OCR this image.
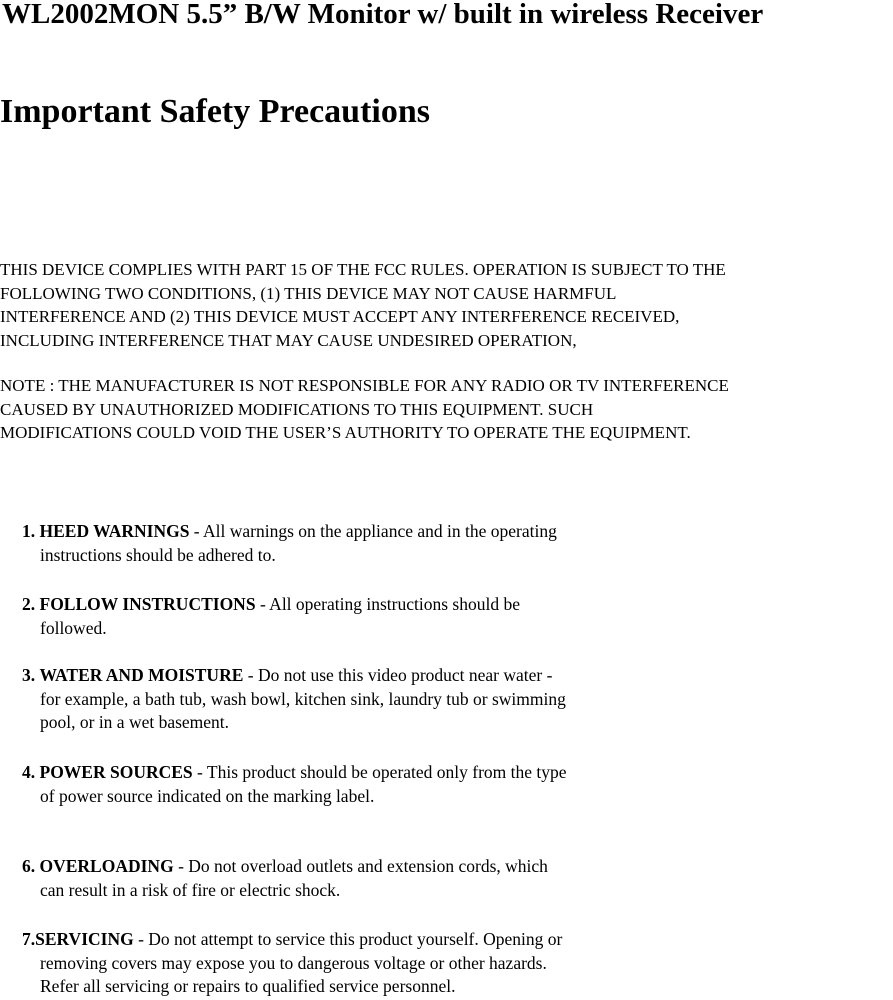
WL2002MON 5.5” B/W Monitor w/ built in wireless Receiver
Important Safety Precautions

THIS DEVICE COMPLIES WITH PART 15 OF THE FCC RULES. OPERATION IS SUBJECT TO THE
FOLLOWING TWO CONDITIONS, (1) THIS DEVICE MAY NOT CAUSE HARMFUL
INTERFERENCE AND (2) THIS DEVICE MUST ACCEPT ANY INTERFERENCE RECEIVED,
INCLUDING INTERFERENCE THAT MAY CAUSE UNDESIRED OPERATION,

NOTE : THE MANUFACTURER IS NOT RESPONSIBLE FOR ANY RADIO OR TV INTERFERENCE
CAUSED BY UNAUTHORIZED MODIFICATIONS TO THIS EQUIPMENT. SUCH
MODIFICATIONS COULD VOID THE USER’S AUTHORITY TO OPERATE THE EQUIPMENT.

1. HEED WARNINGS - All warnings on the appliance and in the operating
instructions should be adhered to.
2. FOLLOW INSTRUCTIONS - All operating instructions should be
followed.
3. WATER AND MOISTURE - Do not use this video product near water -
for example, a bath tub, wash bowl, kitchen sink, laundry tub or swimming
pool, or in a wet basement.
4. POWER SOURCES - This product should be operated only from the type
of power source indicated on the marking label.
6. OVERLOADING - Do not overload outlets and extension cords, which
can result in a risk of fire or electric shock.
7.SERVICING - Do not attempt to service this product yourself. Opening or
removing covers may expose you to dangerous voltage or other hazards.
Refer all servicing or repairs to qualified service personnel.
